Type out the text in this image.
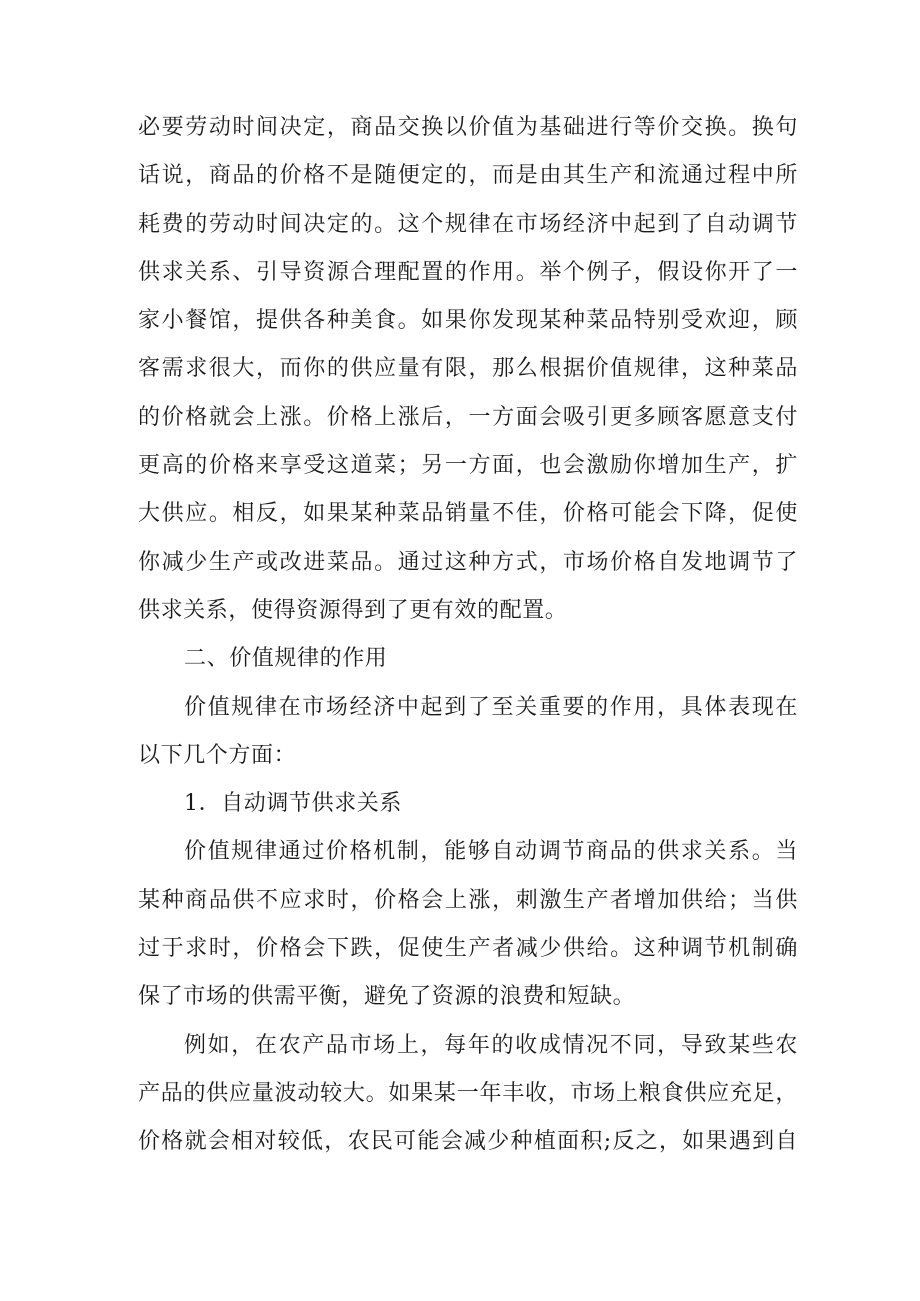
必要劳动时间决定，商品交换以价值为基础进行等价交换。换句
话说，商品的价格不是随便定的，而是由其生产和流通过程中所
耗费的劳动时间决定的。这个规律在市场经济中起到了自动调节
供求关系、引导资源合理配置的作用。举个例子，假设你开了一
家小餐馆，提供各种美食。如果你发现某种菜品特别受欢迎，顾
客需求很大，而你的供应量有限，那么根据价值规律，这种菜品
的价格就会上涨。价格上涨后，一方面会吸引更多顾客愿意支付
更高的价格来享受这道菜；另一方面，也会激励你增加生产，扩
大供应。相反，如果某种菜品销量不佳，价格可能会下降，促使
你减少生产或改进菜品。通过这种方式，市场价格自发地调节了
供求关系，使得资源得到了更有效的配置。
二、价值规律的作用
价值规律在市场经济中起到了至关重要的作用，具体表现在
以下几个方面：
1．自动调节供求关系
价值规律通过价格机制，能够自动调节商品的供求关系。当
某种商品供不应求时，价格会上涨，刺激生产者增加供给；当供
过于求时，价格会下跌，促使生产者减少供给。这种调节机制确
保了市场的供需平衡，避免了资源的浪费和短缺。
例如，在农产品市场上，每年的收成情况不同，导致某些农
产品的供应量波动较大。如果某一年丰收，市场上粮食供应充足，
价格就会相对较低，农民可能会减少种植面积;反之，如果遇到自
